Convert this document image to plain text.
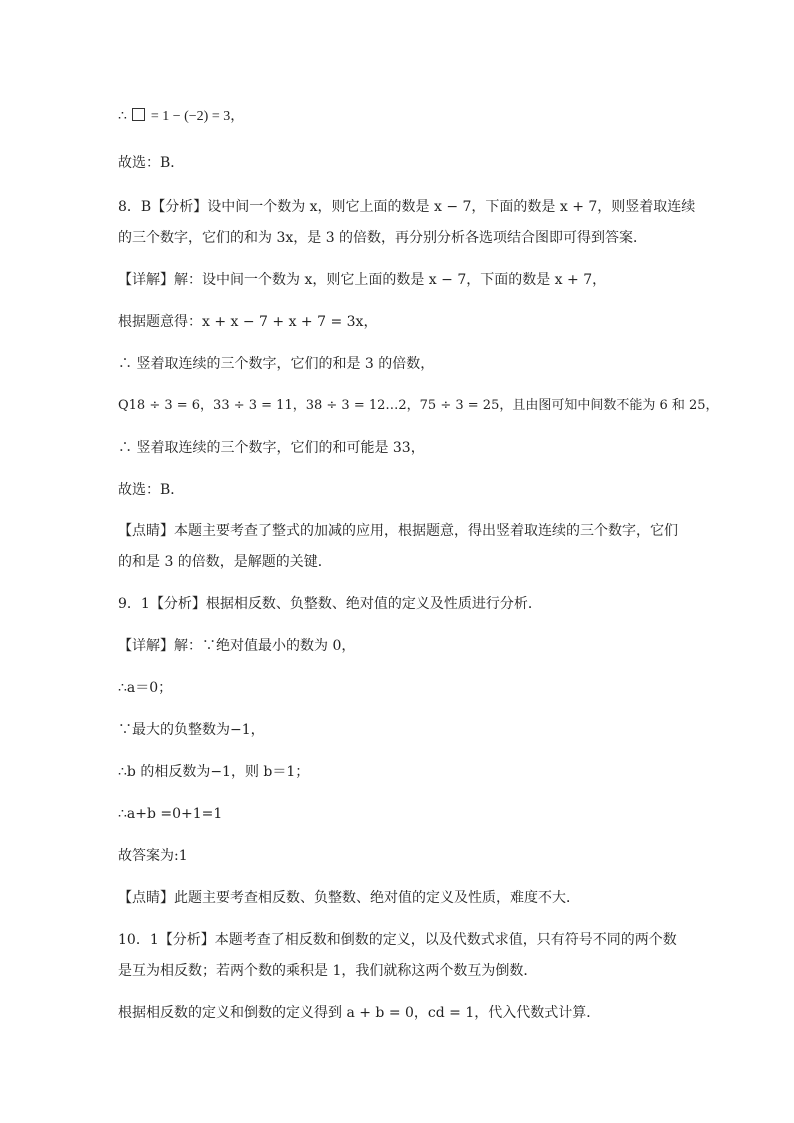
∴ = 1 − (−2) = 3，
故选：B．
8．B【分析】设中间一个数为 x，则它上面的数是 x − 7，下面的数是 x + 7，则竖着取连续
的三个数字，它们的和为 3x，是 3 的倍数，再分别分析各选项结合图即可得到答案．
【详解】解：设中间一个数为 x，则它上面的数是 x − 7，下面的数是 x + 7，
根据题意得：x + x − 7 + x + 7 = 3x，
∴ 竖着取连续的三个数字，它们的和是 3 的倍数，
Q18 ÷ 3 = 6，33 ÷ 3 = 11，38 ÷ 3 = 12…2，75 ÷ 3 = 25，且由图可知中间数不能为 6 和 25，
∴ 竖着取连续的三个数字，它们的和可能是 33，
故选：B．
【点睛】本题主要考查了整式的加减的应用，根据题意，得出竖着取连续的三个数字，它们
的和是 3 的倍数，是解题的关键．
9．1【分析】根据相反数、负整数、绝对值的定义及性质进行分析．
【详解】解：∵绝对值最小的数为 0，
∴a＝0；
∵最大的负整数为−1，
∴b 的相反数为−1，则 b＝1；
∴a+b =0+1=1
故答案为:1
【点睛】此题主要考查相反数、负整数、绝对值的定义及性质，难度不大．
10．1【分析】本题考查了相反数和倒数的定义，以及代数式求值，只有符号不同的两个数
是互为相反数；若两个数的乘积是 1，我们就称这两个数互为倒数．
根据相反数的定义和倒数的定义得到 a + b = 0，cd = 1，代入代数式计算．
